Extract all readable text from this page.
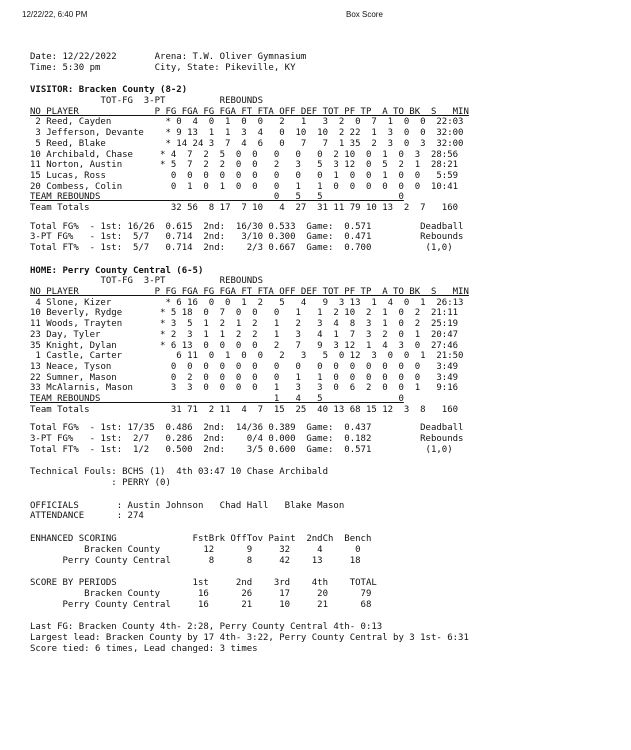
12/22/22, 6:40 PM	Box Score
Date: 12/22/2022	Arena: T.W. Oliver Gymnasium
Time: 5:30 pm	City, State: Pikeville, KY
VISITOR: Bracken County (8-2)
TOT-FG  3-PT          REBOUNDS
NO PLAYER              P FG FGA FG FGA FT FTA OFF DEF TOT PF TP  A TO BK  S   MIN
2 Reed, Cayden          * 0  4  0  1  0  0   2   1   3  2  0  7  1  0  0  22:03
3 Jefferson, Devante    * 9 13  1  1  3  4   0  10  10  2 22  1  3  0  0  32:00
5 Reed, Blake           * 14 24 3  7  4  6   0   7   7  1 35  2  3  0  3  32:00
10 Archibald, Chase     * 4  7  2  5  0  0   0   0   0  2 10  0  1  0  3  28:56
11 Norton, Austin       * 5  7  2  2  0  0   2   3   5  3 12  0  5  2  1  28:21
15 Lucas, Ross            0  0  0  0  0  0   0   0   0  1  0  0  1  0  0   5:59
20 Combess, Colin         0  1  0  1  0  0   0   1   1  0  0  0  0  0  0  10:41
TEAM REBOUNDS                                0   5   5              0
Team Totals               32 56  8 17  7 10   4  27  31 11 79 10 13  2  7   160
Total FG%  - 1st: 16/26  0.615  2nd:  16/30 0.533  Game:  0.571         Deadball
3-PT FG%   - 1st:  5/7   0.714  2nd:   3/10 0.300  Game:  0.471         Rebounds
Total FT%  - 1st:  5/7   0.714  2nd:    2/3 0.667  Game:  0.700          (1,0)
HOME: Perry County Central (6-5)
TOT-FG  3-PT          REBOUNDS
NO PLAYER              P FG FGA FG FGA FT FTA OFF DEF TOT PF TP  A TO BK  S   MIN
4 Slone, Kizer          * 6 16  0  0  1  2   5   4   9  3 13  1  4  0  1  26:13
10 Beverly, Rydge       * 5 18  0  7  0  0   0   1   1  2 10  2  1  0  2  21:11
11 Woods, Trayten       * 3  5  1  2  1  2   1   2   3  4  8  3  1  0  2  25:19
23 Day, Tyler           * 2  3  1  1  2  2   1   3   4  1  7  3  2  0  1  20:47
35 Knight, Dylan        * 6 13  0  0  0  0   2   7   9  3 12  1  4  3  0  27:46
1 Castle, Carter          6 11  0  1  0  0   2   3   5  0 12  3  0  0  1  21:50
13 Neace, Tyson           0  0  0  0  0  0   0   0   0  0  0  0  0  0  0   3:49
22 Sumner, Mason          0  2  0  0  0  0   0   1   1  0  0  0  0  0  0   3:49
33 McAlarnis, Mason       3  3  0  0  0  0   1   3   3  0  6  2  0  0  1   9:16
TEAM REBOUNDS                                1   4   5              0
Team Totals               31 71  2 11  4  7  15  25  40 13 68 15 12  3  8   160
Total FG%  - 1st: 17/35  0.486  2nd:  14/36 0.389  Game:  0.437         Deadball
3-PT FG%   - 1st:  2/7   0.286  2nd:    0/4 0.000  Game:  0.182         Rebounds
Total FT%  - 1st:  1/2   0.500  2nd:    3/5 0.600  Game:  0.571          (1,0)
Technical Fouls: BCHS (1)  4th 03:47 10 Chase Archibald
: PERRY (0)
OFFICIALS       : Austin Johnson   Chad Hall   Blake Mason
ATTENDANCE      : 274
ENHANCED SCORING              FstBrk OffTov Paint  2ndCh  Bench
Bracken County        12      9     32     4      0
Perry County Central       8      8     42    13     18
SCORE BY PERIODS              1st     2nd    3rd    4th    TOTAL
Bracken County       16      26     17     20      79
Perry County Central     16      21     10     21      68
Last FG: Bracken County 4th- 2:28, Perry County Central 4th- 0:13
Largest lead: Bracken County by 17 4th- 3:22, Perry County Central by 3 1st- 6:31
Score tied: 6 times, Lead changed: 3 times
